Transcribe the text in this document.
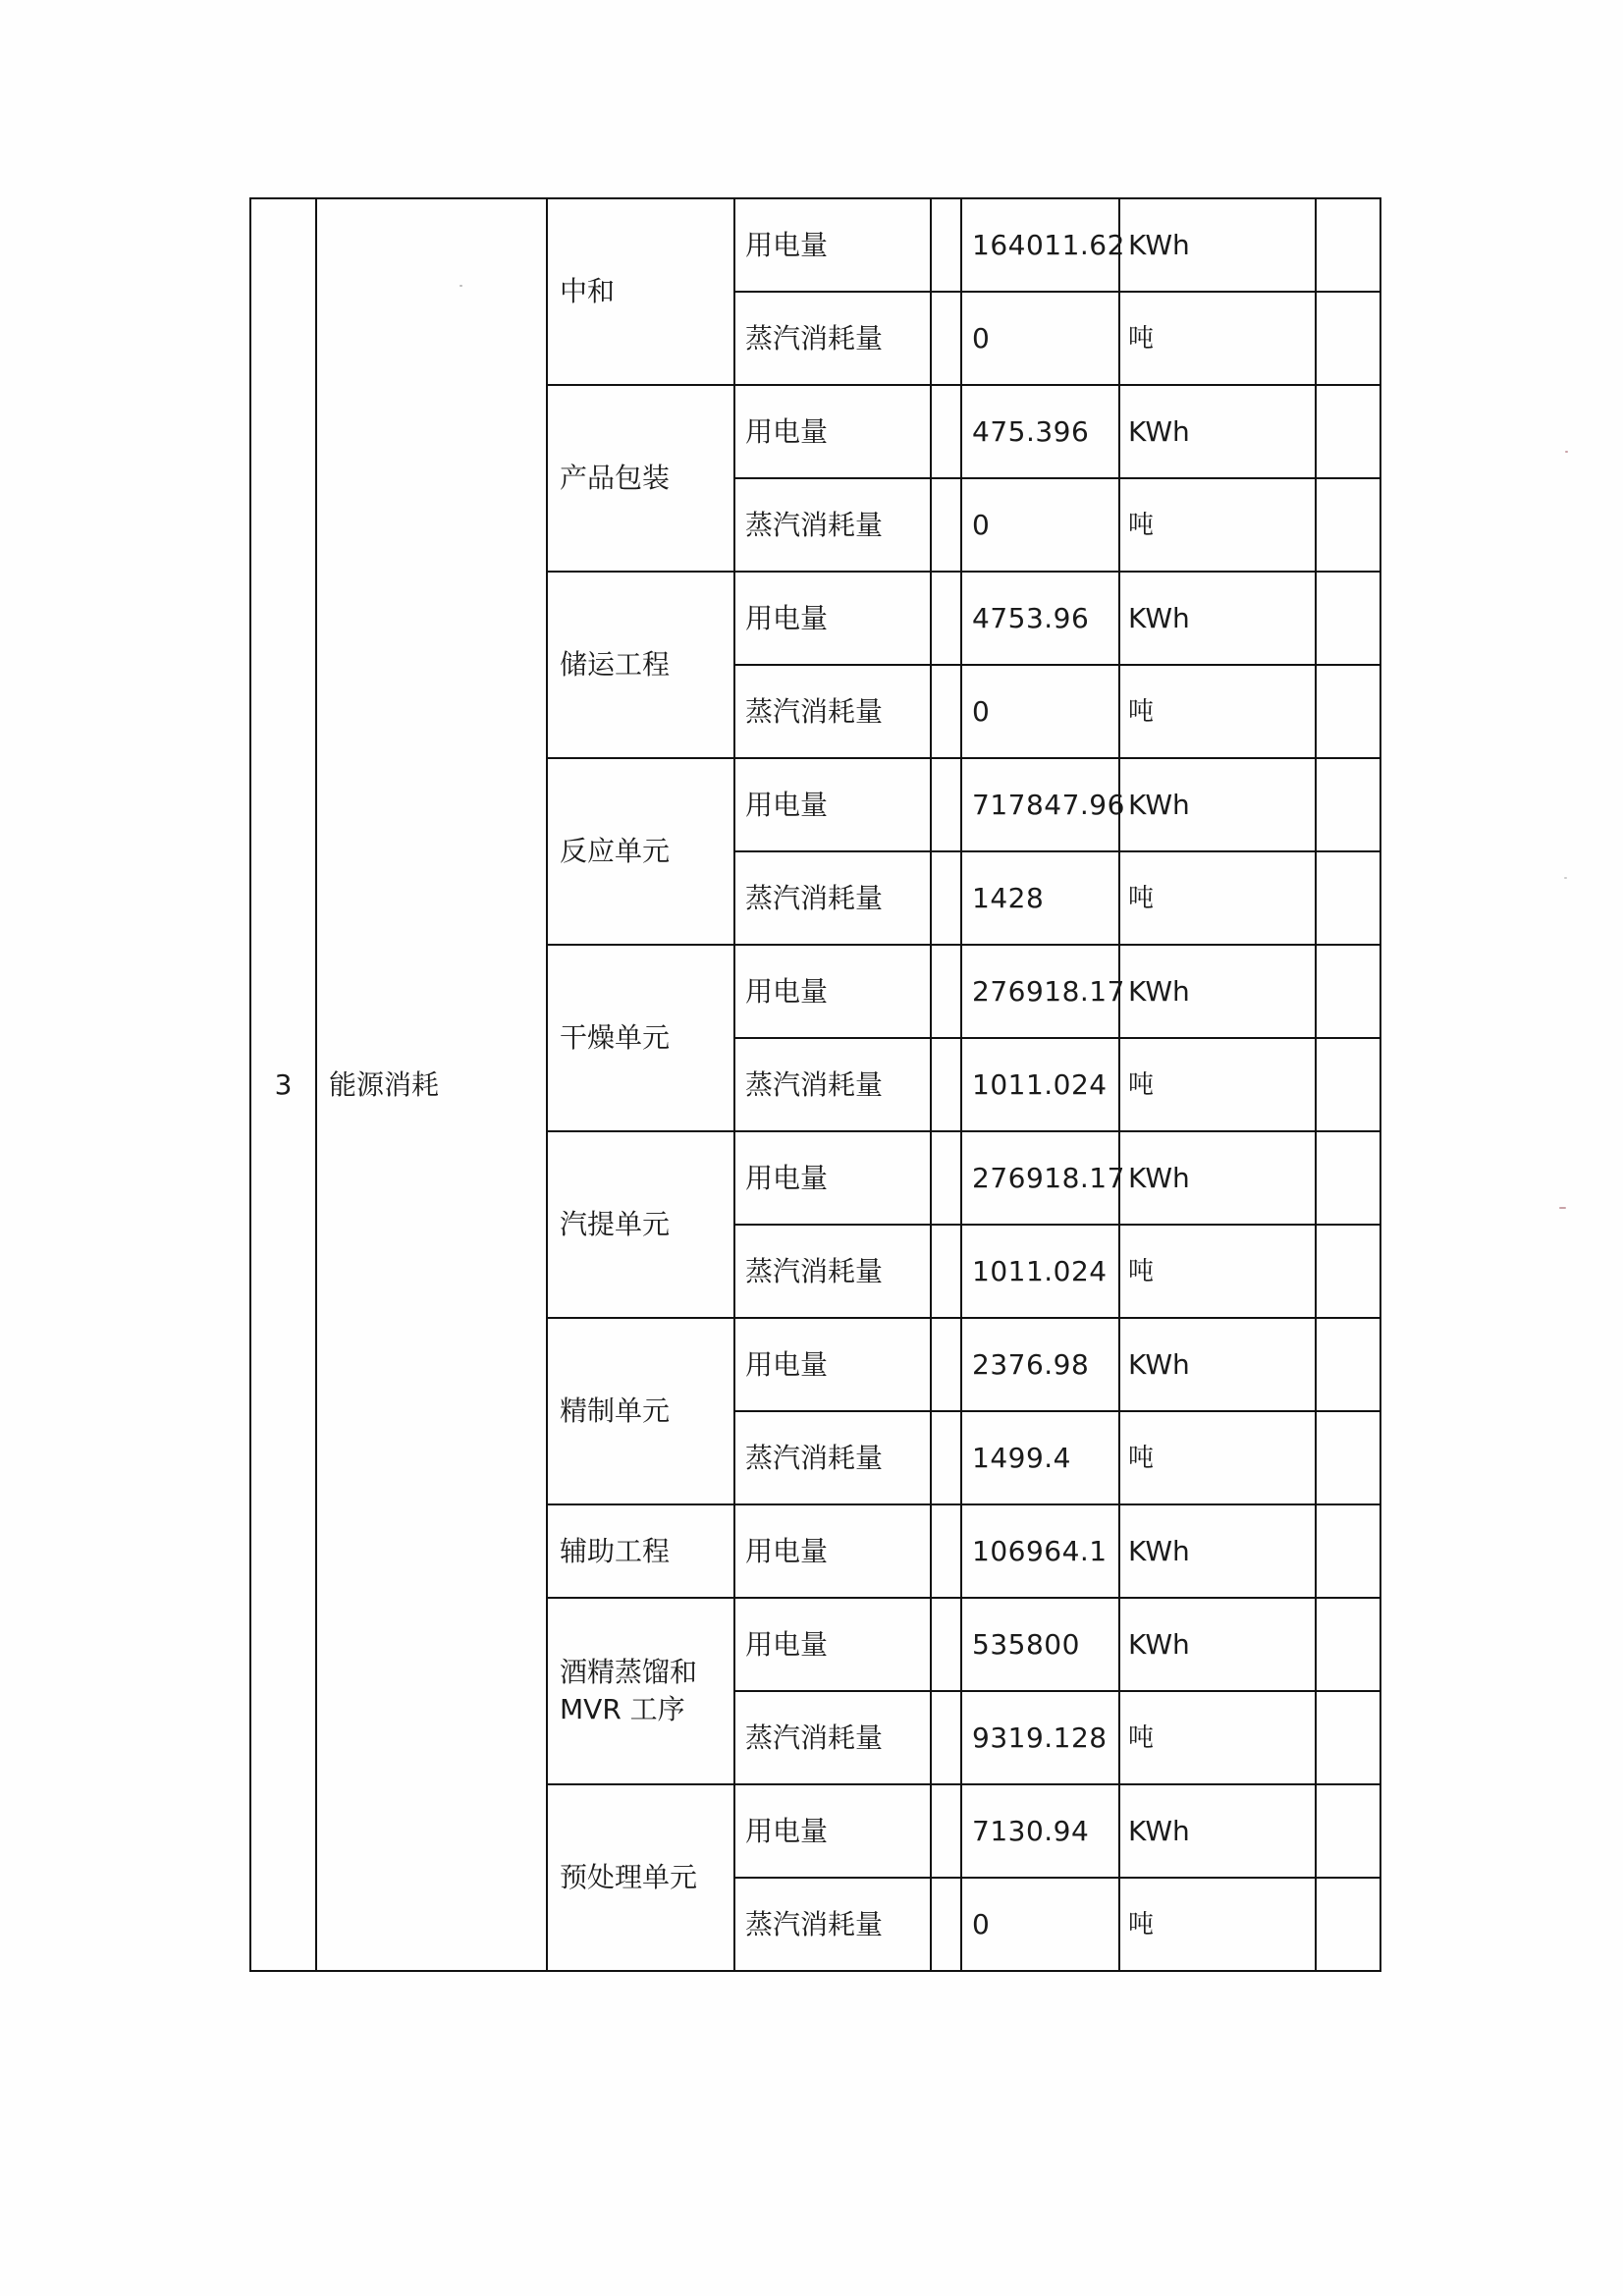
3	能源消耗	中和	用电量		164011.62	KWh	
			蒸汽消耗量		0	吨	
		产品包装	用电量		475.396	KWh	
			蒸汽消耗量		0	吨	
		储运工程	用电量		4753.96	KWh	
			蒸汽消耗量		0	吨	
		反应单元	用电量		717847.96	KWh	
			蒸汽消耗量		1428	吨	
		干燥单元	用电量		276918.17	KWh	
			蒸汽消耗量		1011.024	吨	
		汽提单元	用电量		276918.17	KWh	
			蒸汽消耗量		1011.024	吨	
		精制单元	用电量		2376.98	KWh	
			蒸汽消耗量		1499.4	吨	
		辅助工程	用电量		106964.1	KWh	

		酒精蒸馏和
MVR 工序	用电量		535800	KWh	
			蒸汽消耗量		9319.128	吨	
		预处理单元	用电量		7130.94	KWh	
			蒸汽消耗量		0	吨	
